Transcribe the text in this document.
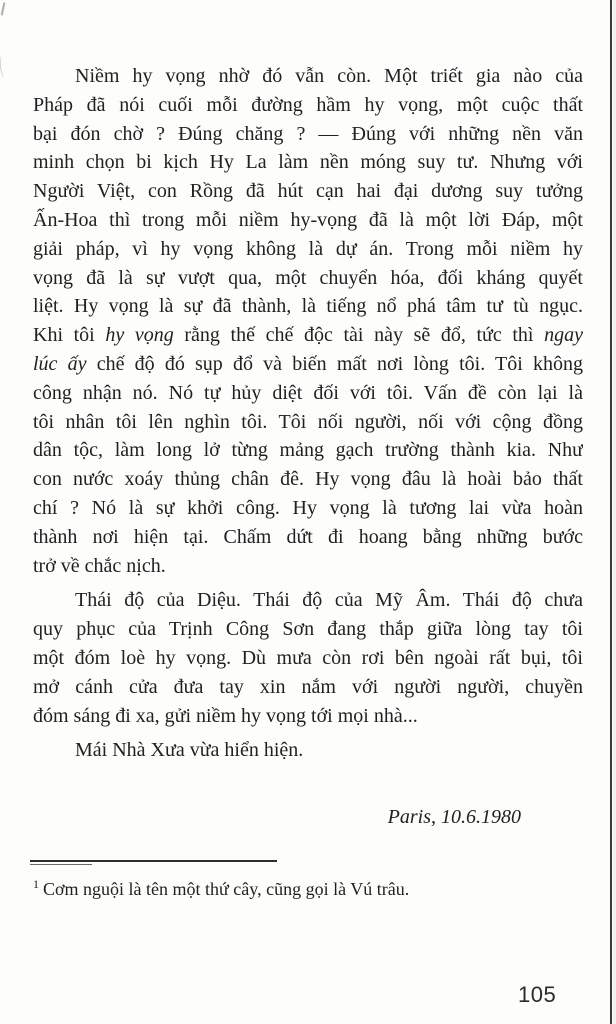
Niềm hy vọng nhờ đó vẫn còn. Một triết gia nào của
Pháp đã nói cuối mỗi đường hầm hy vọng, một cuộc thất
bại đón chờ ? Đúng chăng ? — Đúng với những nền văn
minh chọn bi kịch Hy La làm nền móng suy tư. Nhưng với
Người Việt, con Rồng đã hút cạn hai đại dương suy tưởng
Ấn-Hoa thì trong mỗi niềm hy-vọng đã là một lời Đáp, một
giải pháp, vì hy vọng không là dự án. Trong mỗi niềm hy
vọng đã là sự vượt qua, một chuyển hóa, đối kháng quyết
liệt. Hy vọng là sự đã thành, là tiếng nổ phá tâm tư tù ngục.
Khi tôi hy vọng rằng thế chế độc tài này sẽ đổ, tức thì ngay
lúc ấy chế độ đó sụp đổ và biến mất nơi lòng tôi. Tôi không
công nhận nó. Nó tự hủy diệt đối với tôi. Vấn đề còn lại là
tôi nhân tôi lên nghìn tôi. Tôi nối người, nối với cộng đồng
dân tộc, làm long lở từng mảng gạch trường thành kia. Như
con nước xoáy thủng chân đê. Hy vọng đâu là hoài bảo thất
chí ? Nó là sự khởi công. Hy vọng là tương lai vừa hoàn
thành nơi hiện tại. Chấm dứt đi hoang bằng những bước
trở về chắc nịch.
Thái độ của Diệu. Thái độ của Mỹ Âm. Thái độ chưa
quy phục của Trịnh Công Sơn đang thắp giữa lòng tay tôi
một đóm loè hy vọng. Dù mưa còn rơi bên ngoài rất bụi, tôi
mở cánh cửa đưa tay xin nắm với người người, chuyền
đóm sáng đi xa, gửi niềm hy vọng tới mọi nhà...
Mái Nhà Xưa vừa hiển hiện.
Paris, 10.6.1980
$^1$ Cơm nguội là tên một thứ cây, cũng gọi là Vú trâu.
105
